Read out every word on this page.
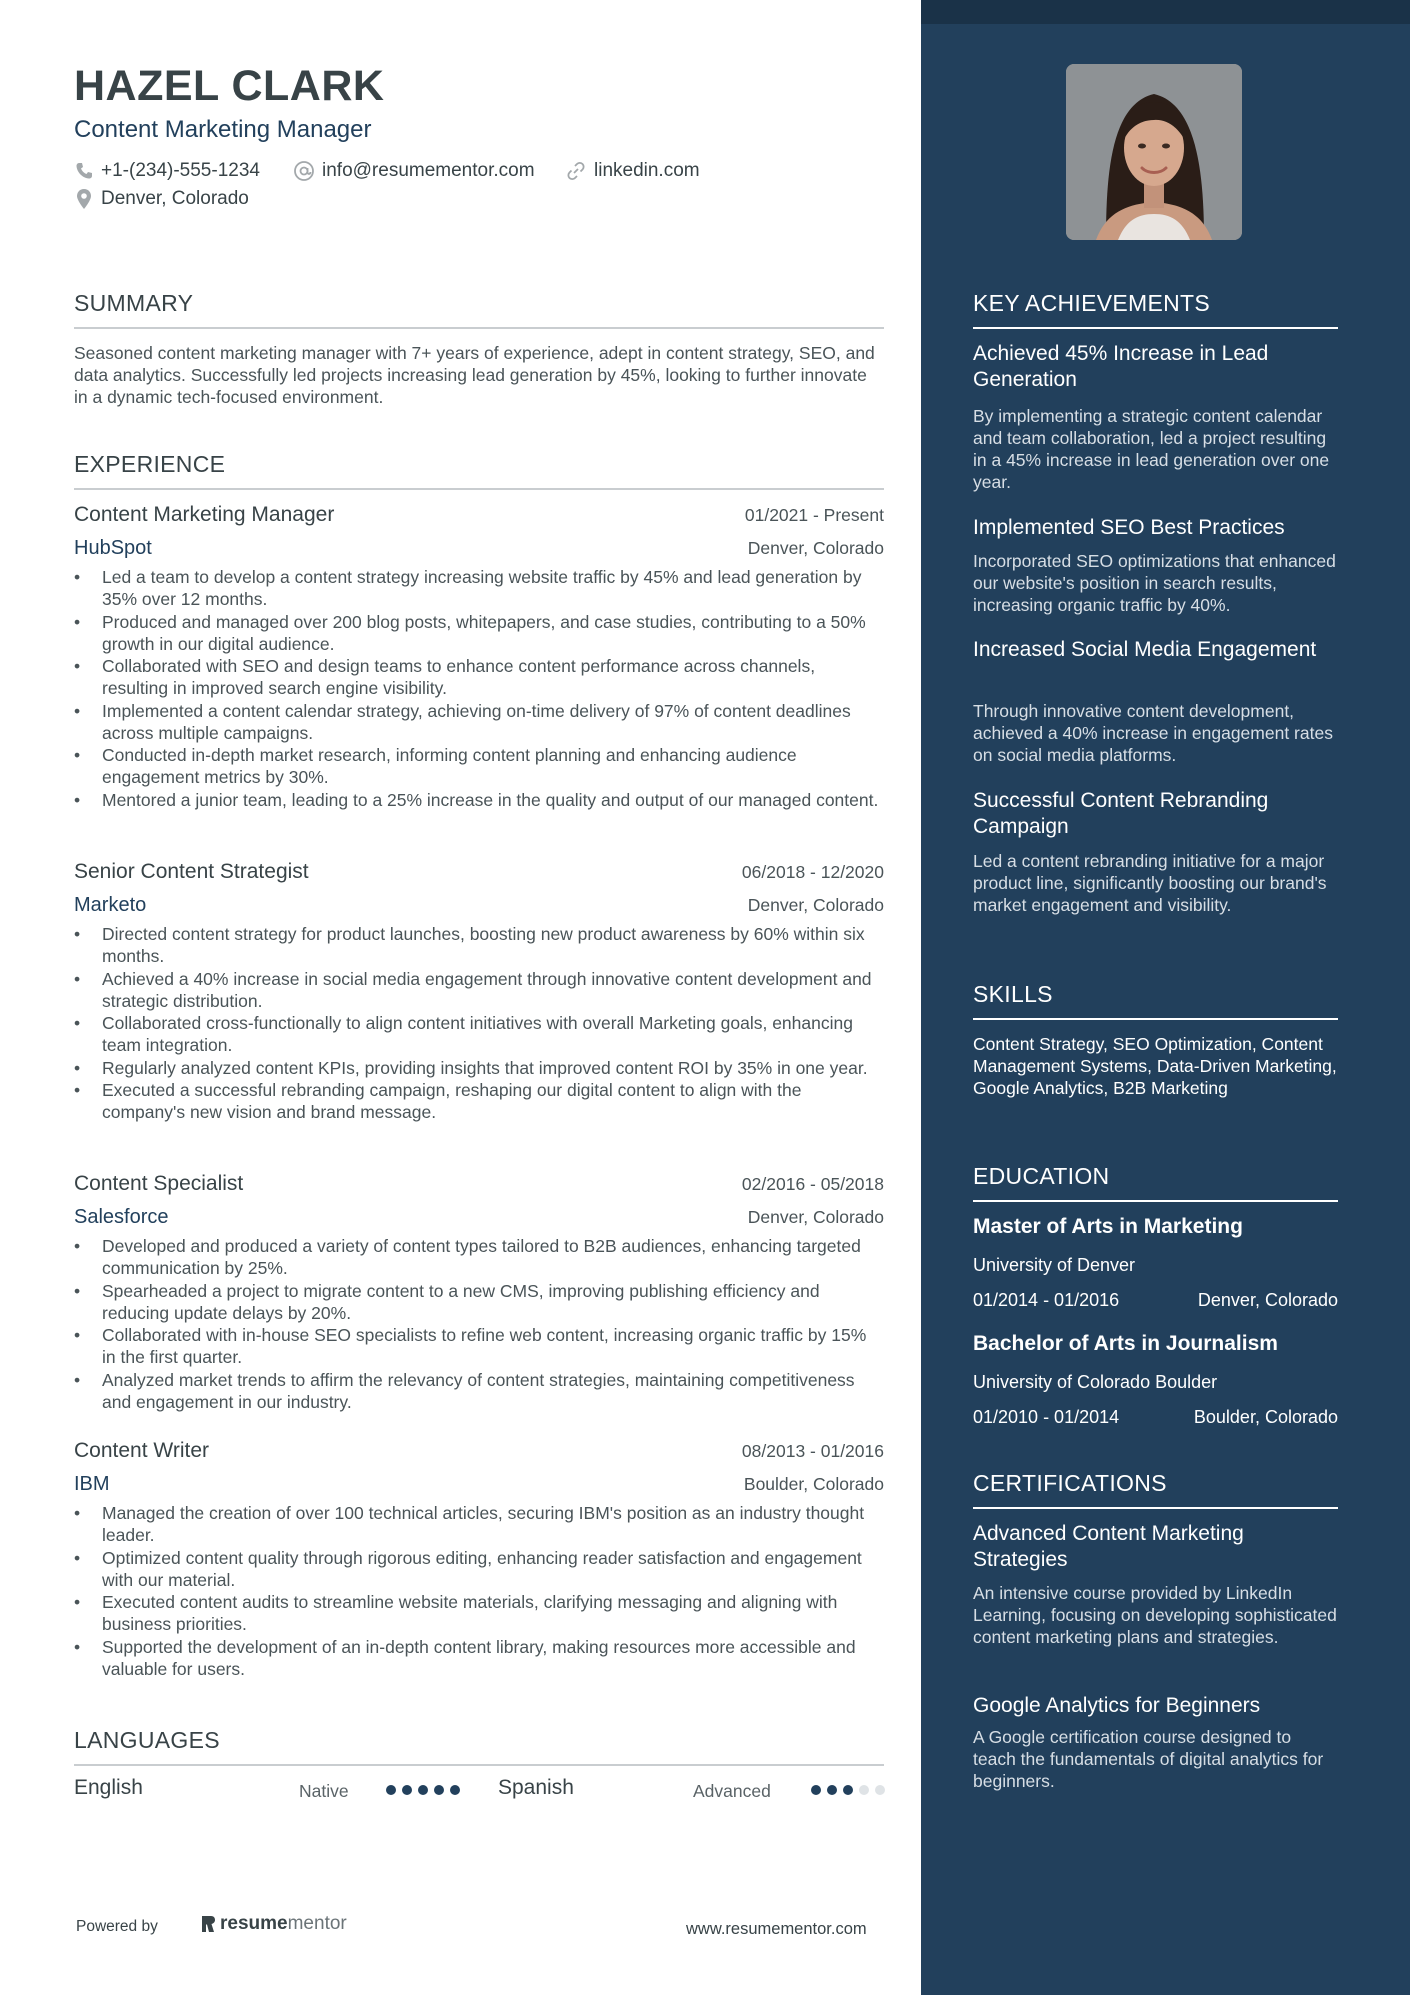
HAZEL CLARK
Content Marketing Manager
+1-(234)-555-1234	info@resumementor.com	linkedin.com
Denver, Colorado
SUMMARY
Seasoned content marketing manager with 7+ years of experience, adept in content strategy, SEO, and data analytics. Successfully led projects increasing lead generation by 45%, looking to further innovate in a dynamic tech-focused environment.
EXPERIENCE
Content Marketing Manager	01/2021 - Present
HubSpot	Denver, Colorado
• Led a team to develop a content strategy increasing website traffic by 45% and lead generation by 35% over 12 months.
• Produced and managed over 200 blog posts, whitepapers, and case studies, contributing to a 50% growth in our digital audience.
• Collaborated with SEO and design teams to enhance content performance across channels, resulting in improved search engine visibility.
• Implemented a content calendar strategy, achieving on-time delivery of 97% of content deadlines across multiple campaigns.
• Conducted in-depth market research, informing content planning and enhancing audience engagement metrics by 30%.
• Mentored a junior team, leading to a 25% increase in the quality and output of our managed content.
Senior Content Strategist	06/2018 - 12/2020
Marketo	Denver, Colorado
• Directed content strategy for product launches, boosting new product awareness by 60% within six months.
• Achieved a 40% increase in social media engagement through innovative content development and strategic distribution.
• Collaborated cross-functionally to align content initiatives with overall Marketing goals, enhancing team integration.
• Regularly analyzed content KPIs, providing insights that improved content ROI by 35% in one year.
• Executed a successful rebranding campaign, reshaping our digital content to align with the company's new vision and brand message.
Content Specialist	02/2016 - 05/2018
Salesforce	Denver, Colorado
• Developed and produced a variety of content types tailored to B2B audiences, enhancing targeted communication by 25%.
• Spearheaded a project to migrate content to a new CMS, improving publishing efficiency and reducing update delays by 20%.
• Collaborated with in-house SEO specialists to refine web content, increasing organic traffic by 15% in the first quarter.
• Analyzed market trends to affirm the relevancy of content strategies, maintaining competitiveness and engagement in our industry.
Content Writer	08/2013 - 01/2016
IBM	Boulder, Colorado
• Managed the creation of over 100 technical articles, securing IBM's position as an industry thought leader.
• Optimized content quality through rigorous editing, enhancing reader satisfaction and engagement with our material.
• Executed content audits to streamline website materials, clarifying messaging and aligning with business priorities.
• Supported the development of an in-depth content library, making resources more accessible and valuable for users.
LANGUAGES
English	Native	Spanish	Advanced
Powered by	resumementor	www.resumementor.com
KEY ACHIEVEMENTS
Achieved 45% Increase in Lead Generation
By implementing a strategic content calendar and team collaboration, led a project resulting in a 45% increase in lead generation over one year.
Implemented SEO Best Practices
Incorporated SEO optimizations that enhanced our website's position in search results, increasing organic traffic by 40%.
Increased Social Media Engagement
Through innovative content development, achieved a 40% increase in engagement rates on social media platforms.
Successful Content Rebranding Campaign
Led a content rebranding initiative for a major product line, significantly boosting our brand's market engagement and visibility.
SKILLS
Content Strategy, SEO Optimization, Content Management Systems, Data-Driven Marketing, Google Analytics, B2B Marketing
EDUCATION
Master of Arts in Marketing
University of Denver
01/2014 - 01/2016	Denver, Colorado
Bachelor of Arts in Journalism
University of Colorado Boulder
01/2010 - 01/2014	Boulder, Colorado
CERTIFICATIONS
Advanced Content Marketing Strategies
An intensive course provided by LinkedIn Learning, focusing on developing sophisticated content marketing plans and strategies.
Google Analytics for Beginners
A Google certification course designed to teach the fundamentals of digital analytics for beginners.
